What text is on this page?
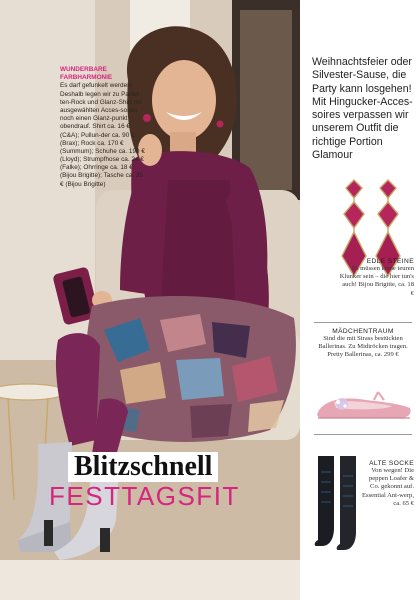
WUNDERBARE FARBHARMONIE
Es darf gefunkelt werden! Deshalb legen wir zu Paillet-ten-Rock und Glanz-Shirt mit ausgewählten Acces-soires noch einen Glanz-punkt obendrauf. Shirt ca. 16 € (C&A); Pullun-der ca. 90 € (Brax); Rock ca. 170 € (Summum); Schuhe ca. 199 € (Lloyd); Strumpfhose ca. 24 € (Falke); Ohrringe ca. 18 € (Bijou Brigitte); Tasche ca. 35 € (Bijou Brigitte)
Blitzschnell
FESTTAGSFIT
Weihnachtsfeier oder Silvester-Sause, die Party kann losgehen! Mit Hingucker-Acces-soires verpassen wir unserem Outfit die richtige Portion Glamour
EDLE STEINE
Es müssen keine teuren Klunker sein – die hier tun's auch! Bijou Brigitte, ca. 18 €
MÄDCHENTRAUM
Sind die mit Strass bestückten Ballerinas. Zu Midiröcken tragen. Pretty Ballerinas, ca. 299 €
ALTE SOCKE
Von wegen! Die peppen Loafer & Co. gekonnt auf. Essential Ant-werp, ca. 65 €
